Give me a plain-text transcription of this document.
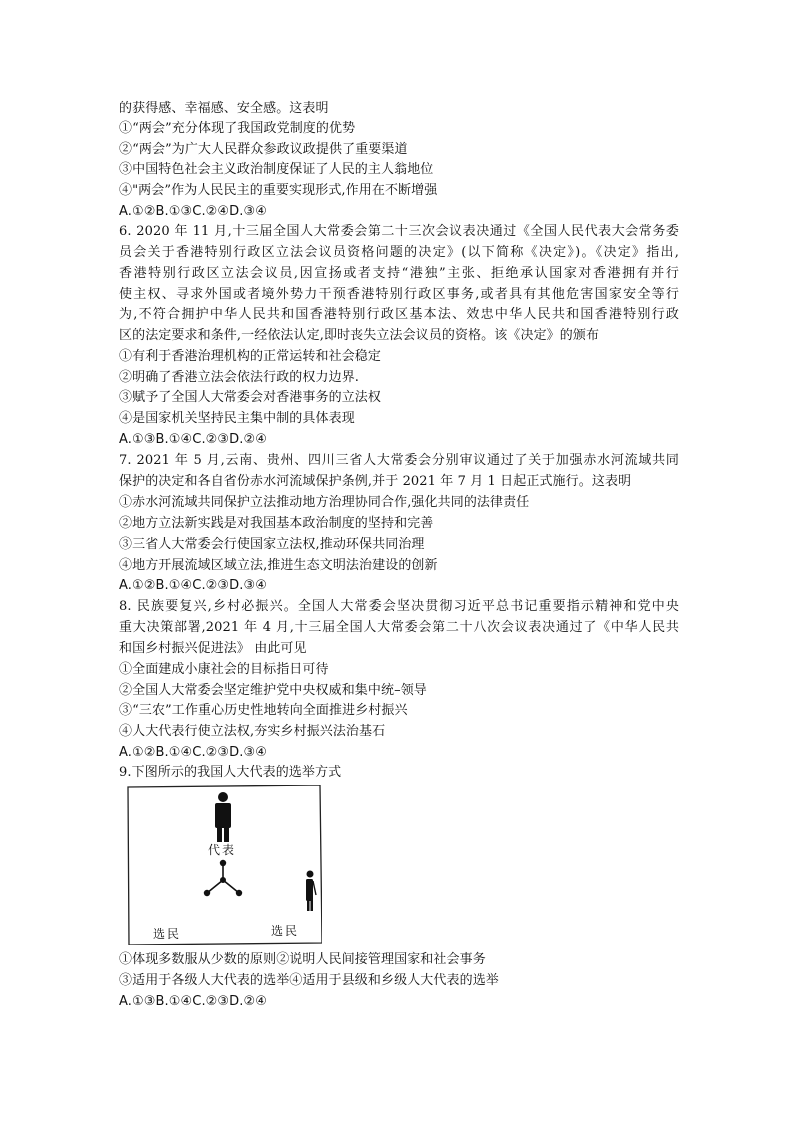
的获得感、幸福感、安全感。这表明
①“两会”充分体现了我国政党制度的优势
②“两会”为广大人民群众参政议政提供了重要渠道
③中国特色社会主义政治制度保证了人民的主人翁地位
④"两会”作为人民民主的重要实现形式,作用在不断增强
A.①②B.①③C.②④D.③④
6. 2020 年 11 月,十三届全国人大常委会第二十三次会议表决通过《全国人民代表大会常务委
员会关于香港特别行政区立法会议员资格问题的决定》(以下简称《决定》)。《决定》指出,
香港特别行政区立法会议员,因宣扬或者支持“港独”主张、拒绝承认国家对香港拥有并行
使主权、寻求外国或者境外势力干预香港特别行政区事务,或者具有其他危害国家安全等行
为,不符合拥护中华人民共和国香港特别行政区基本法、效忠中华人民共和国香港特别行政
区的法定要求和条件,一经依法认定,即时丧失立法会议员的资格。该《决定》的颁布
①有利于香港治理机构的正常运转和社会稳定
②明确了香港立法会依法行政的权力边界.
③赋予了全国人大常委会对香港事务的立法权
④是国家机关坚持民主集中制的具体表现
A.①③B.①④C.②③D.②④
7. 2021 年 5 月,云南、贵州、四川三省人大常委会分别审议通过了关于加强赤水河流域共同
保护的决定和各自省份赤水河流域保护条例,并于 2021 年 7 月 1 日起正式施行。这表明
①赤水河流域共同保护立法推动地方治理协同合作,强化共同的法律责任
②地方立法新实践是对我国基本政治制度的坚持和完善
③三省人大常委会行使国家立法权,推动环保共同治理
④地方开展流域区域立法,推进生态文明法治建设的创新
A.①②B.①④C.②③D.③④
8. 民族要复兴,乡村必振兴。全国人大常委会坚决贯彻习近平总书记重要指示精神和党中央
重大决策部署,2021 年 4 月,十三届全国人大常委会第二十八次会议表决通过了《中华人民共
和国乡村振兴促进法》 由此可见
①全面建成小康社会的目标指日可待
②全国人大常委会坚定维护党中央权威和集中统–领导
③“三农”工作重心历史性地转向全面推进乡村振兴
④人大代表行使立法权,夯实乡村振兴法治基石
A.①②B.①④C.②③D.③④
9.下图所示的我国人大代表的选举方式
代表
选民	选民
①体现多数服从少数的原则②说明人民间接管理国家和社会事务
③适用于各级人大代表的选举④适用于县级和乡级人大代表的选举
A.①③B.①④C.②③D.②④
